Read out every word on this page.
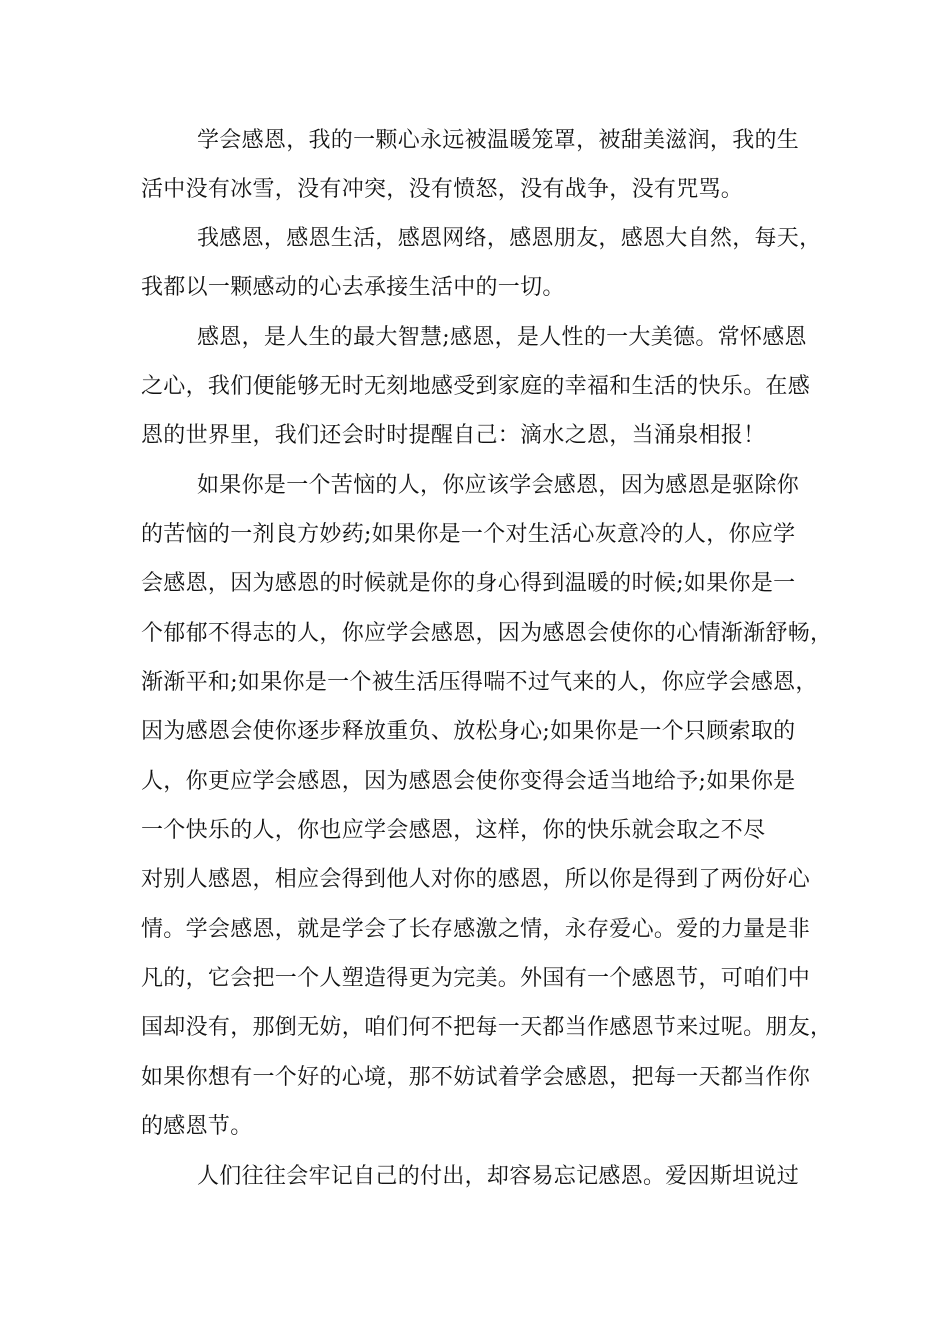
学会感恩，我的一颗心永远被温暖笼罩，被甜美滋润，我的生
活中没有冰雪，没有冲突，没有愤怒，没有战争，没有咒骂。
我感恩，感恩生活，感恩网络，感恩朋友，感恩大自然，每天，
我都以一颗感动的心去承接生活中的一切。
感恩，是人生的最大智慧;感恩，是人性的一大美德。常怀感恩
之心，我们便能够无时无刻地感受到家庭的幸福和生活的快乐。在感
恩的世界里，我们还会时时提醒自己：滴水之恩，当涌泉相报！
如果你是一个苦恼的人，你应该学会感恩，因为感恩是驱除你
的苦恼的一剂良方妙药;如果你是一个对生活心灰意冷的人，你应学
会感恩，因为感恩的时候就是你的身心得到温暖的时候;如果你是一
个郁郁不得志的人，你应学会感恩，因为感恩会使你的心情渐渐舒畅，
渐渐平和;如果你是一个被生活压得喘不过气来的人，你应学会感恩，
因为感恩会使你逐步释放重负、放松身心;如果你是一个只顾索取的
人，你更应学会感恩，因为感恩会使你变得会适当地给予;如果你是
一个快乐的人，你也应学会感恩，这样，你的快乐就会取之不尽
对别人感恩，相应会得到他人对你的感恩，所以你是得到了两份好心
情。学会感恩，就是学会了长存感激之情，永存爱心。爱的力量是非
凡的，它会把一个人塑造得更为完美。外国有一个感恩节，可咱们中
国却没有，那倒无妨，咱们何不把每一天都当作感恩节来过呢。朋友，
如果你想有一个好的心境，那不妨试着学会感恩，把每一天都当作你
的感恩节。
人们往往会牢记自己的付出，却容易忘记感恩。爱因斯坦说过
